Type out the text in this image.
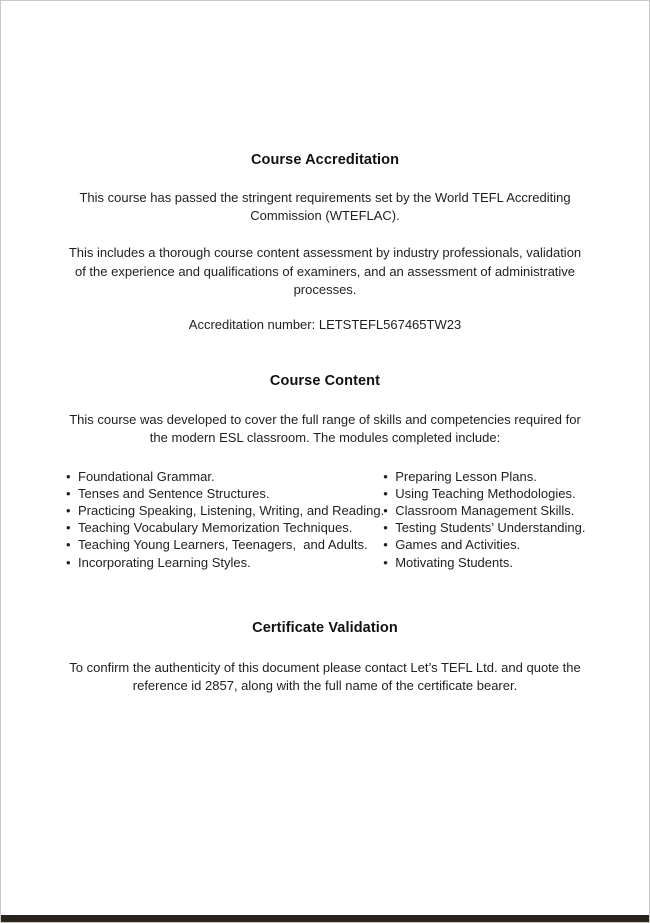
Course Accreditation

This course has passed the stringent requirements set by the World TEFL Accrediting Commission (WTEFLAC).

This includes a thorough course content assessment by industry professionals, validation of the experience and qualifications of examiners, and an assessment of administrative processes.

Accreditation number: LETSTEFL567465TW23

Course Content

This course was developed to cover the full range of skills and competencies required for the modern ESL classroom. The modules completed include:

• Foundational Grammar.
• Tenses and Sentence Structures.
• Practicing Speaking, Listening, Writing, and Reading.
• Teaching Vocabulary Memorization Techniques.
• Teaching Young Learners, Teenagers,  and Adults.
• Incorporating Learning Styles.
• Preparing Lesson Plans.
• Using Teaching Methodologies.
• Classroom Management Skills.
• Testing Students’ Understanding.
• Games and Activities.
• Motivating Students.
Certificate Validation

To confirm the authenticity of this document please contact Let’s TEFL Ltd. and quote the reference id 2857, along with the full name of the certificate bearer.
